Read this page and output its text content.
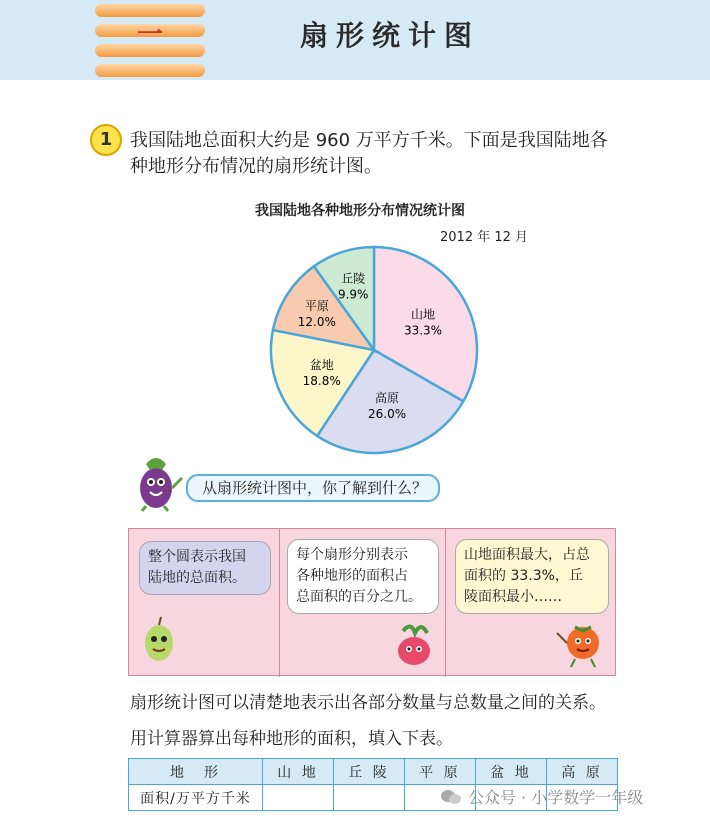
一	扇形统计图
1 我国陆地总面积大约是 960 万平方千米。下面是我国陆地各
种地形分布情况的扇形统计图。
我国陆地各种地形分布情况统计图
2012 年 12 月
山地
33.3%
高原
26.0%
盆地
18.8%
平原
12.0%
丘陵
9.9%
从扇形统计图中，你了解到什么？
整个圆表示我国
陆地的总面积。
每个扇形分别表示
各种地形的面积占
总面积的百分之几。
山地面积最大，占总
面积的 33.3%，丘
陵面积最小……
扇形统计图可以清楚地表示出各部分数量与总数量之间的关系。
用计算器算出每种地形的面积，填入下表。
地　形	山 地	丘 陵	平 原	盆 地	高 原
面积/万平方千米						公众号 · 小学数学一年级
